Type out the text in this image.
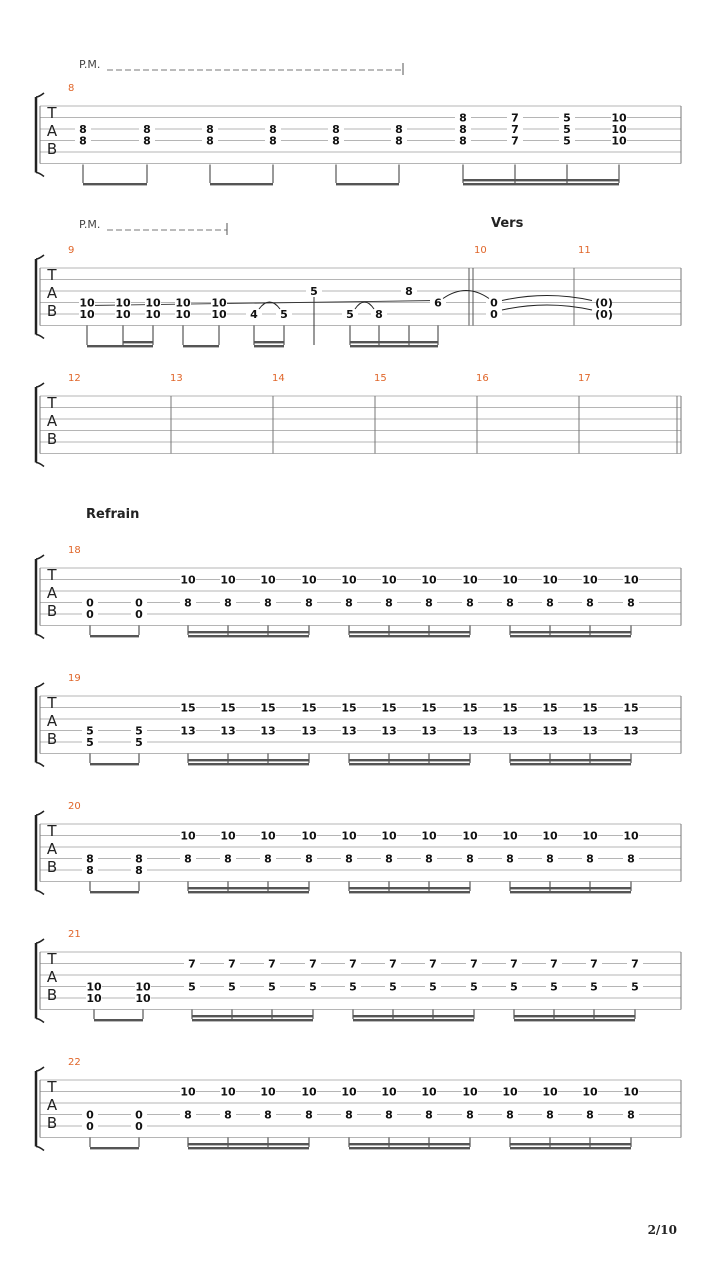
T
A
B
T
A
B
T
A
B
T
A
B
T
A
B
T
A
B
T
A
B
T
A
B
8
P.M.
8
8
8
8
8
8
8
8
8
8
8
8
8
8
8
7
7
7
5
5
5
10
10
10
9	10	11
P.M.	Vers
10
10
10
10
10
10
10
10
10
10 4 5
5
5 8
8
6	0
0
(0)
(0)
12	13	14	15	16	17
18
Refrain
0
0
0
0
10
8
10
8
10
8
10
8
10
8
10
8
10
8
10
8
10
8
10
8
10
8
10
8
19
5
5
5
5
15
13
15
13
15
13
15
13
15
13
15
13
15
13
15
13
15
13
15
13
15
13
15
13
20
8
8
8
8
10
8
10
8
10
8
10
8
10
8
10
8
10
8
10
8
10
8
10
8
10
8
10
8
21
10
10
10
10
7
5
7
5
7
5
7
5
7
5
7
5
7
5
7
5
7
5
7
5
7
5
7
5
22
0
0
0
0
10
8
10
8
10
8
10
8
10
8
10
8
10
8
10
8
10
8
10
8
10
8
10
8
2/10
